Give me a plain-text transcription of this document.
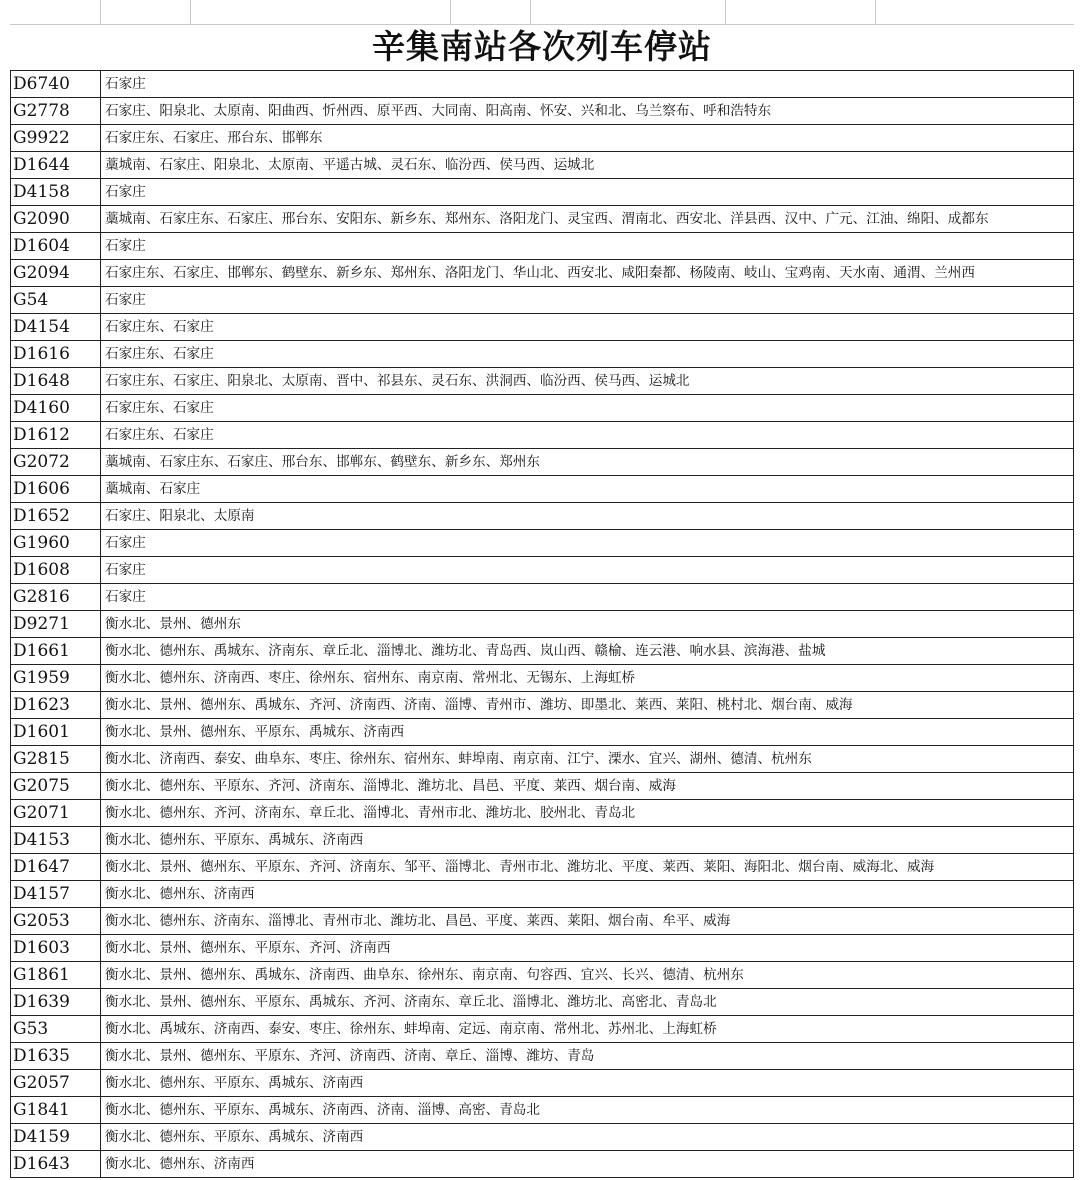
辛集南站各次列车停站
D6740	石家庄
G2778	石家庄、阳泉北、太原南、阳曲西、忻州西、原平西、大同南、阳高南、怀安、兴和北、乌兰察布、呼和浩特东
G9922	石家庄东、石家庄、邢台东、邯郸东
D1644	藁城南、石家庄、阳泉北、太原南、平遥古城、灵石东、临汾西、侯马西、运城北
D4158	石家庄
G2090	藁城南、石家庄东、石家庄、邢台东、安阳东、新乡东、郑州东、洛阳龙门、灵宝西、渭南北、西安北、洋县西、汉中、广元、江油、绵阳、成都东
D1604	石家庄
G2094	石家庄东、石家庄、邯郸东、鹤壁东、新乡东、郑州东、洛阳龙门、华山北、西安北、咸阳秦都、杨陵南、岐山、宝鸡南、天水南、通渭、兰州西
G54	石家庄
D4154	石家庄东、石家庄
D1616	石家庄东、石家庄
D1648	石家庄东、石家庄、阳泉北、太原南、晋中、祁县东、灵石东、洪洞西、临汾西、侯马西、运城北
D4160	石家庄东、石家庄
D1612	石家庄东、石家庄
G2072	藁城南、石家庄东、石家庄、邢台东、邯郸东、鹤壁东、新乡东、郑州东
D1606	藁城南、石家庄
D1652	石家庄、阳泉北、太原南
G1960	石家庄
D1608	石家庄
G2816	石家庄
D9271	衡水北、景州、德州东
D1661	衡水北、德州东、禹城东、济南东、章丘北、淄博北、潍坊北、青岛西、岚山西、赣榆、连云港、响水县、滨海港、盐城
G1959	衡水北、德州东、济南西、枣庄、徐州东、宿州东、南京南、常州北、无锡东、上海虹桥
D1623	衡水北、景州、德州东、禹城东、齐河、济南西、济南、淄博、青州市、潍坊、即墨北、莱西、莱阳、桃村北、烟台南、威海
D1601	衡水北、景州、德州东、平原东、禹城东、济南西
G2815	衡水北、济南西、泰安、曲阜东、枣庄、徐州东、宿州东、蚌埠南、南京南、江宁、溧水、宜兴、湖州、德清、杭州东
G2075	衡水北、德州东、平原东、齐河、济南东、淄博北、潍坊北、昌邑、平度、莱西、烟台南、威海
G2071	衡水北、德州东、齐河、济南东、章丘北、淄博北、青州市北、潍坊北、胶州北、青岛北
D4153	衡水北、德州东、平原东、禹城东、济南西
D1647	衡水北、景州、德州东、平原东、齐河、济南东、邹平、淄博北、青州市北、潍坊北、平度、莱西、莱阳、海阳北、烟台南、威海北、威海
D4157	衡水北、德州东、济南西
G2053	衡水北、德州东、济南东、淄博北、青州市北、潍坊北、昌邑、平度、莱西、莱阳、烟台南、牟平、威海
D1603	衡水北、景州、德州东、平原东、齐河、济南西
G1861	衡水北、景州、德州东、禹城东、济南西、曲阜东、徐州东、南京南、句容西、宜兴、长兴、德清、杭州东
D1639	衡水北、景州、德州东、平原东、禹城东、齐河、济南东、章丘北、淄博北、潍坊北、高密北、青岛北
G53	衡水北、禹城东、济南西、泰安、枣庄、徐州东、蚌埠南、定远、南京南、常州北、苏州北、上海虹桥
D1635	衡水北、景州、德州东、平原东、齐河、济南西、济南、章丘、淄博、潍坊、青岛
G2057	衡水北、德州东、平原东、禹城东、济南西
G1841	衡水北、德州东、平原东、禹城东、济南西、济南、淄博、高密、青岛北
D4159	衡水北、德州东、平原东、禹城东、济南西
D1643	衡水北、德州东、济南西
